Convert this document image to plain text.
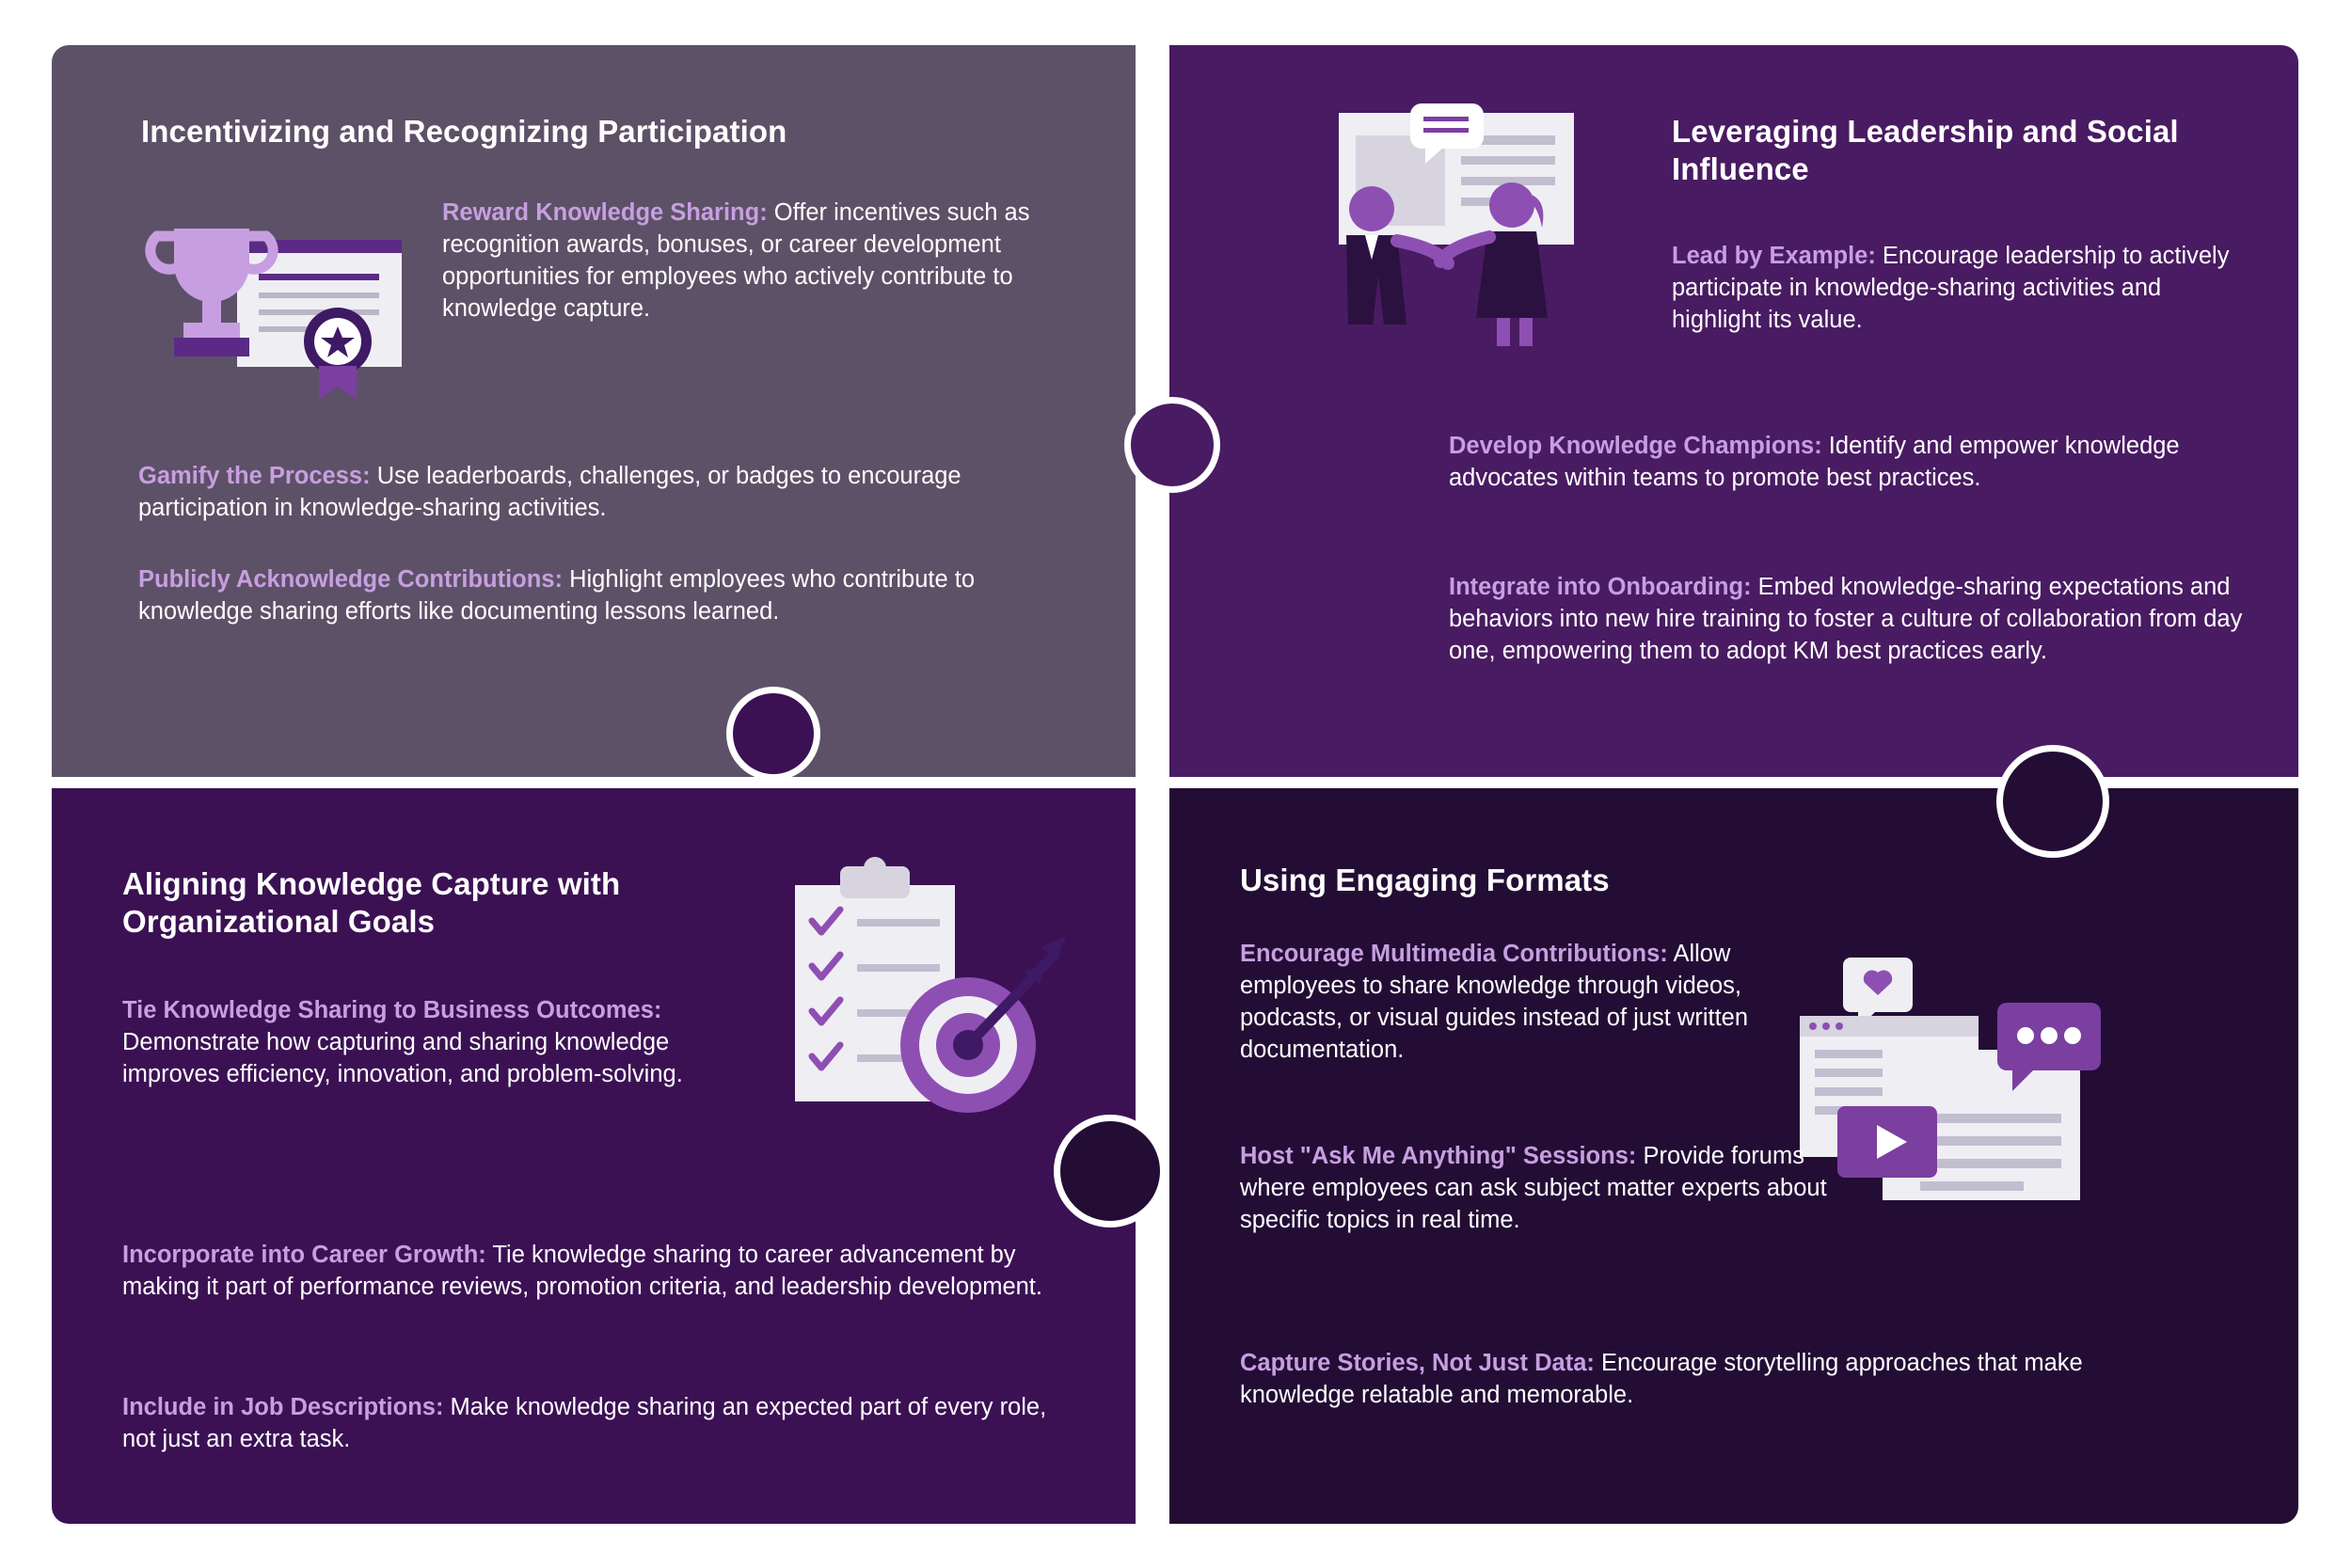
Incentivizing and Recognizing Participation

Reward Knowledge Sharing: Offer incentives such as recognition awards, bonuses, or career development opportunities for employees who actively contribute to knowledge capture.

Gamify the Process: Use leaderboards, challenges, or badges to encourage participation in knowledge-sharing activities.

Publicly Acknowledge Contributions: Highlight employees who contribute to knowledge sharing efforts like documenting lessons learned.

Leveraging Leadership and Social Influence

Lead by Example: Encourage leadership to actively participate in knowledge-sharing activities and highlight its value.

Develop Knowledge Champions: Identify and empower knowledge advocates within teams to promote best practices.

Integrate into Onboarding: Embed knowledge-sharing expectations and behaviors into new hire training to foster a culture of collaboration from day one, empowering them to adopt KM best practices early.

Aligning Knowledge Capture with Organizational Goals

Tie Knowledge Sharing to Business Outcomes: Demonstrate how capturing and sharing knowledge improves efficiency, innovation, and problem-solving.

Incorporate into Career Growth: Tie knowledge sharing to career advancement by making it part of performance reviews, promotion criteria, and leadership development.

Include in Job Descriptions: Make knowledge sharing an expected part of every role, not just an extra task.

Using Engaging Formats

Encourage Multimedia Contributions: Allow employees to share knowledge through videos, podcasts, or visual guides instead of just written documentation.

Host "Ask Me Anything" Sessions: Provide forums where employees can ask subject matter experts about specific topics in real time.

Capture Stories, Not Just Data: Encourage storytelling approaches that make knowledge relatable and memorable.
